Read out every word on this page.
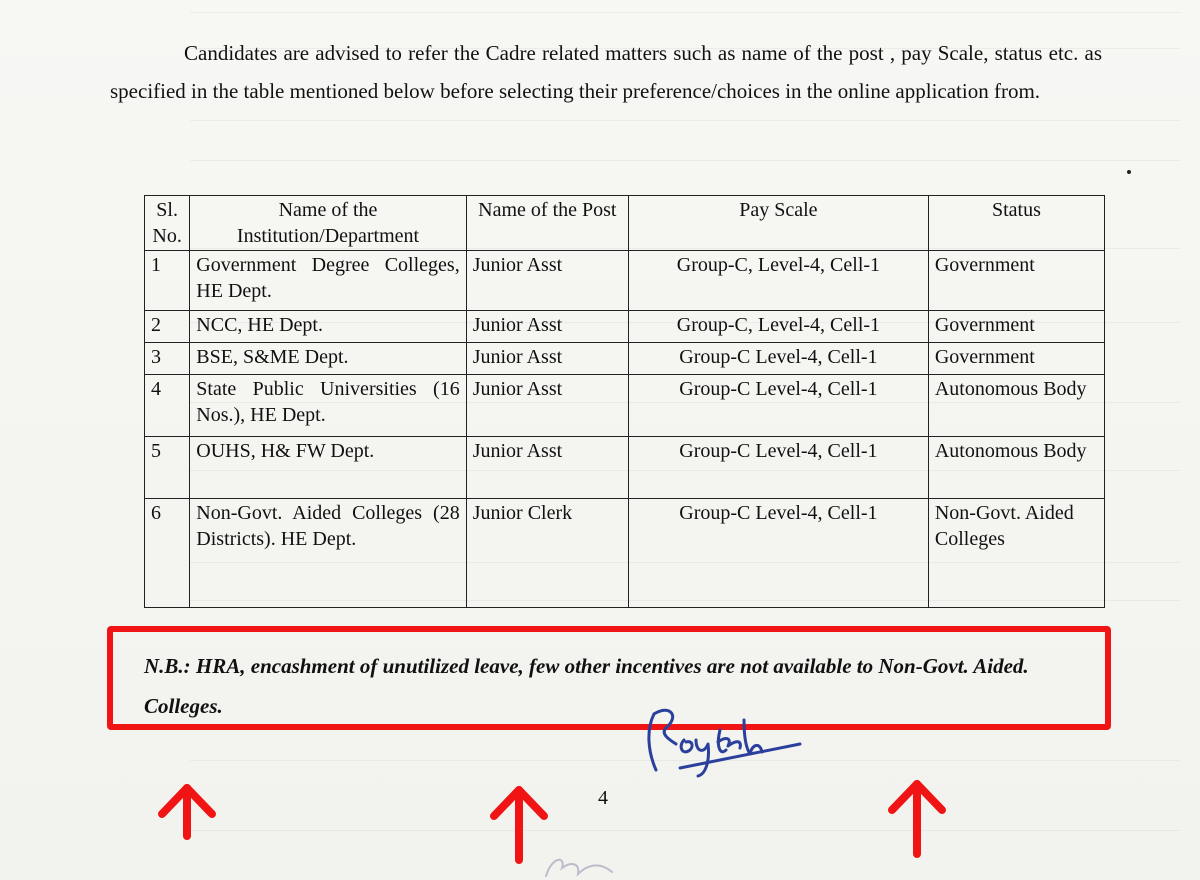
Candidates are advised to refer the Cadre related matters such as name of the post , pay Scale, status etc. as specified in the table mentioned below before selecting their preference/choices in the online application from.

Sl. No.	Name of the Institution/Department	Name of the Post	Pay Scale	Status
1	Government Degree Colleges, HE Dept.	Junior Asst	Group-C, Level-4, Cell-1	Government
2	NCC, HE Dept.	Junior Asst	Group-C, Level-4, Cell-1	Government
3	BSE, S&ME Dept.	Junior Asst	Group-C Level-4, Cell-1	Government
4	State Public Universities (16 Nos.), HE Dept.	Junior Asst	Group-C Level-4, Cell-1	Autonomous Body
5	OUHS, H& FW Dept.	Junior Asst	Group-C Level-4, Cell-1	Autonomous Body
6	Non-Govt. Aided Colleges (28 Districts). HE Dept.	Junior Clerk	Group-C Level-4, Cell-1	Non-Govt. Aided Colleges

N.B.: HRA, encashment of unutilized leave, few other incentives are not available to Non-Govt. Aided. Colleges.

4
